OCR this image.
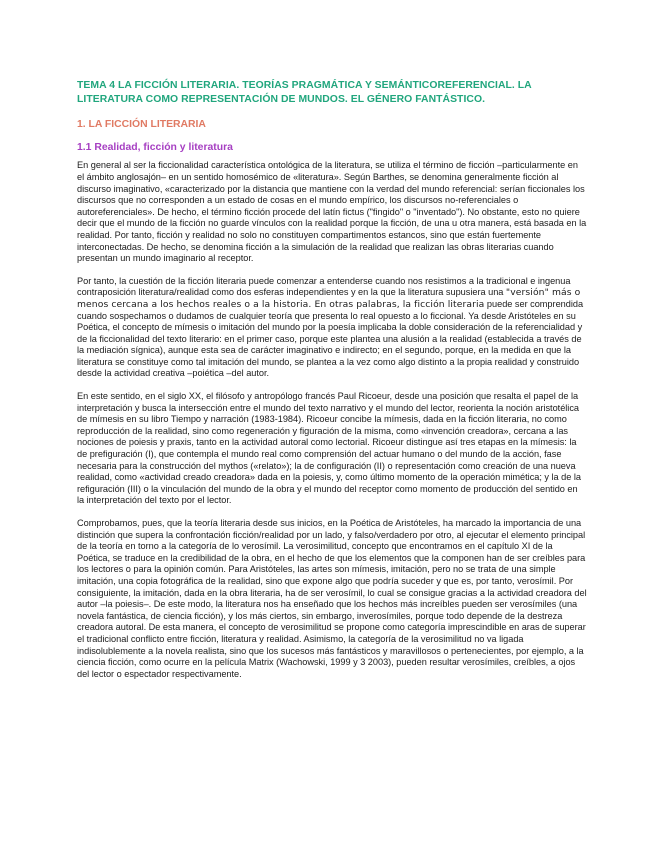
TEMA 4 LA FICCIÓN LITERARIA. TEORÍAS PRAGMÁTICA Y SEMÁNTICOREFERENCIAL. LA LITERATURA COMO REPRESENTACIÓN DE MUNDOS. EL GÉNERO FANTÁSTICO.
1. LA FICCIÓN LITERARIA
1.1 Realidad, ficción y literatura

En general al ser la ficcionalidad característica ontológica de la literatura, se utiliza el término de ficción –particularmente en el ámbito anglosajón– en un sentido homosémico de «literatura». Según Barthes, se denomina generalmente ficción al discurso imaginativo, «caracterizado por la distancia que mantiene con la verdad del mundo referencial: serían ficcionales los discursos que no corresponden a un estado de cosas en el mundo empírico, los discursos no-referenciales o autoreferenciales». De hecho, el término ficción procede del latín fictus ("fingido" o "inventado"). No obstante, esto no quiere decir que el mundo de la ficción no guarde vínculos con la realidad porque la ficción, de una u otra manera, está basada en la realidad. Por tanto, ficción y realidad no solo no constituyen compartimentos estancos, sino que están fuertemente interconectadas. De hecho, se denomina ficción a la simulación de la realidad que realizan las obras literarias cuando presentan un mundo imaginario al receptor.

Por tanto, la cuestión de la ficción literaria puede comenzar a entenderse cuando nos resistimos a la tradicional e ingenua contraposición literatura/realidad como dos esferas independientes y en la que la literatura supusiera una "versión" más o menos cercana a los hechos reales o a la historia. En otras palabras, la ficción literaria puede ser comprendida cuando sospechamos o dudamos de cualquier teoría que presenta lo real opuesto a lo ficcional. Ya desde Aristóteles en su Poética, el concepto de mímesis o imitación del mundo por la poesía implicaba la doble consideración de la referencialidad y de la ficcionalidad del texto literario: en el primer caso, porque este plantea una alusión a la realidad (establecida a través de la mediación sígnica), aunque esta sea de carácter imaginativo e indirecto; en el segundo, porque, en la medida en que la literatura se constituye como tal imitación del mundo, se plantea a la vez como algo distinto a la propia realidad y construido desde la actividad creativa –poiética –del autor.

En este sentido, en el siglo XX, el filósofo y antropólogo francés Paul Ricoeur, desde una posición que resalta el papel de la interpretación y busca la intersección entre el mundo del texto narrativo y el mundo del lector, reorienta la noción aristotélica de mímesis en su libro Tiempo y narración (1983-1984). Ricoeur concibe la mímesis, dada en la ficción literaria, no como reproducción de la realidad, sino como regeneración y figuración de la misma, como «invención creadora», cercana a las nociones de poiesis y praxis, tanto en la actividad autoral como lectorial. Ricoeur distingue así tres etapas en la mímesis: la de prefiguración (I), que contempla el mundo real como comprensión del actuar humano o del mundo de la acción, fase necesaria para la construcción del mythos («relato»); la de configuración (II) o representación como creación de una nueva realidad, como «actividad creado creadora» dada en la poiesis, y, como último momento de la operación mimética; y la de la refiguración (III) o la vinculación del mundo de la obra y el mundo del receptor como momento de producción del sentido en la interpretación del texto por el lector.

Comprobamos, pues, que la teoría literaria desde sus inicios, en la Poética de Aristóteles, ha marcado la importancia de una distinción que supera la confrontación ficción/realidad por un lado, y falso/verdadero por otro, al ejecutar el elemento principal de la teoría en torno a la categoría de lo verosímil. La verosimilitud, concepto que encontramos en el capítulo XI de la Poética, se traduce en la credibilidad de la obra, en el hecho de que los elementos que la componen han de ser creíbles para los lectores o para la opinión común. Para Aristóteles, las artes son mímesis, imitación, pero no se trata de una simple imitación, una copia fotográfica de la realidad, sino que expone algo que podría suceder y que es, por tanto, verosímil. Por consiguiente, la imitación, dada en la obra literaria, ha de ser verosímil, lo cual se consigue gracias a la actividad creadora del autor –la poiesis–. De este modo, la literatura nos ha enseñado que los hechos más increíbles pueden ser verosímiles (una novela fantástica, de ciencia ficción), y los más ciertos, sin embargo, inverosímiles, porque todo depende de la destreza creadora autoral. De esta manera, el concepto de verosimilitud se propone como categoría imprescindible en aras de superar el tradicional conflicto entre ficción, literatura y realidad. Asimismo, la categoría de la verosimilitud no va ligada indisolublemente a la novela realista, sino que los sucesos más fantásticos y maravillosos o pertenecientes, por ejemplo, a la ciencia ficción, como ocurre en la película Matrix (Wachowski, 1999 y 3 2003), pueden resultar verosímiles, creíbles, a ojos del lector o espectador respectivamente.
